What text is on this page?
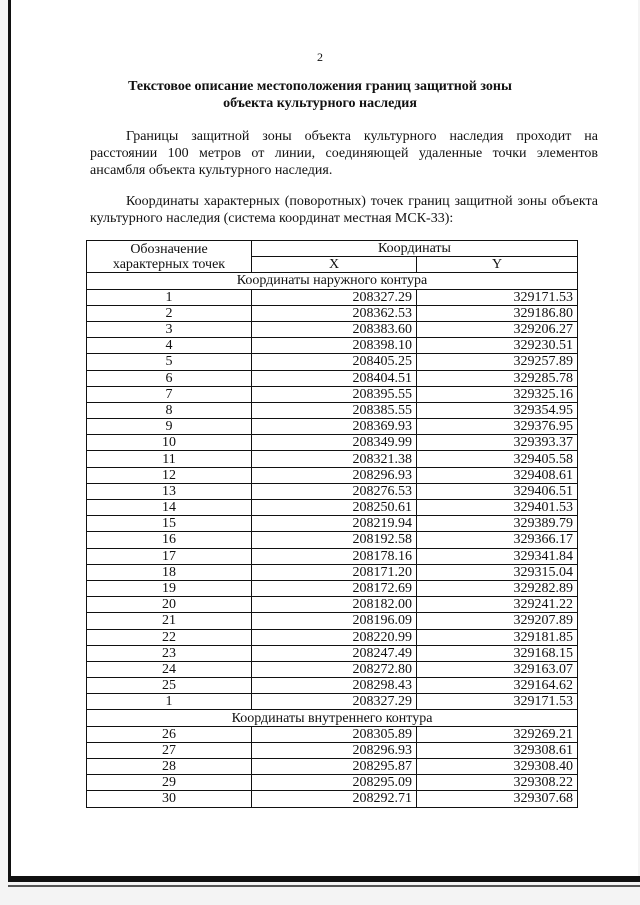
2
Текстовое описание местоположения границ защитной зоны
объекта культурного наследия
Границы защитной зоны объекта культурного наследия проходит на расстоянии 100 метров от линии, соединяющей удаленные точки элементов ансамбля объекта культурного наследия.
Координаты характерных (поворотных) точек границ защитной зоны объекта культурного наследия (система координат местная МСК-33):
Обозначение
характерных точек	Координаты	
	X	Y
Координаты наружного контура		
1	208327.29	329171.53
2	208362.53	329186.80
3	208383.60	329206.27
4	208398.10	329230.51
5	208405.25	329257.89
6	208404.51	329285.78
7	208395.55	329325.16
8	208385.55	329354.95
9	208369.93	329376.95
10	208349.99	329393.37
11	208321.38	329405.58
12	208296.93	329408.61
13	208276.53	329406.51
14	208250.61	329401.53
15	208219.94	329389.79
16	208192.58	329366.17
17	208178.16	329341.84
18	208171.20	329315.04
19	208172.69	329282.89
20	208182.00	329241.22
21	208196.09	329207.89
22	208220.99	329181.85
23	208247.49	329168.15
24	208272.80	329163.07
25	208298.43	329164.62
1	208327.29	329171.53
Координаты внутреннего контура		
26	208305.89	329269.21
27	208296.93	329308.61
28	208295.87	329308.40
29	208295.09	329308.22
30	208292.71	329307.68
